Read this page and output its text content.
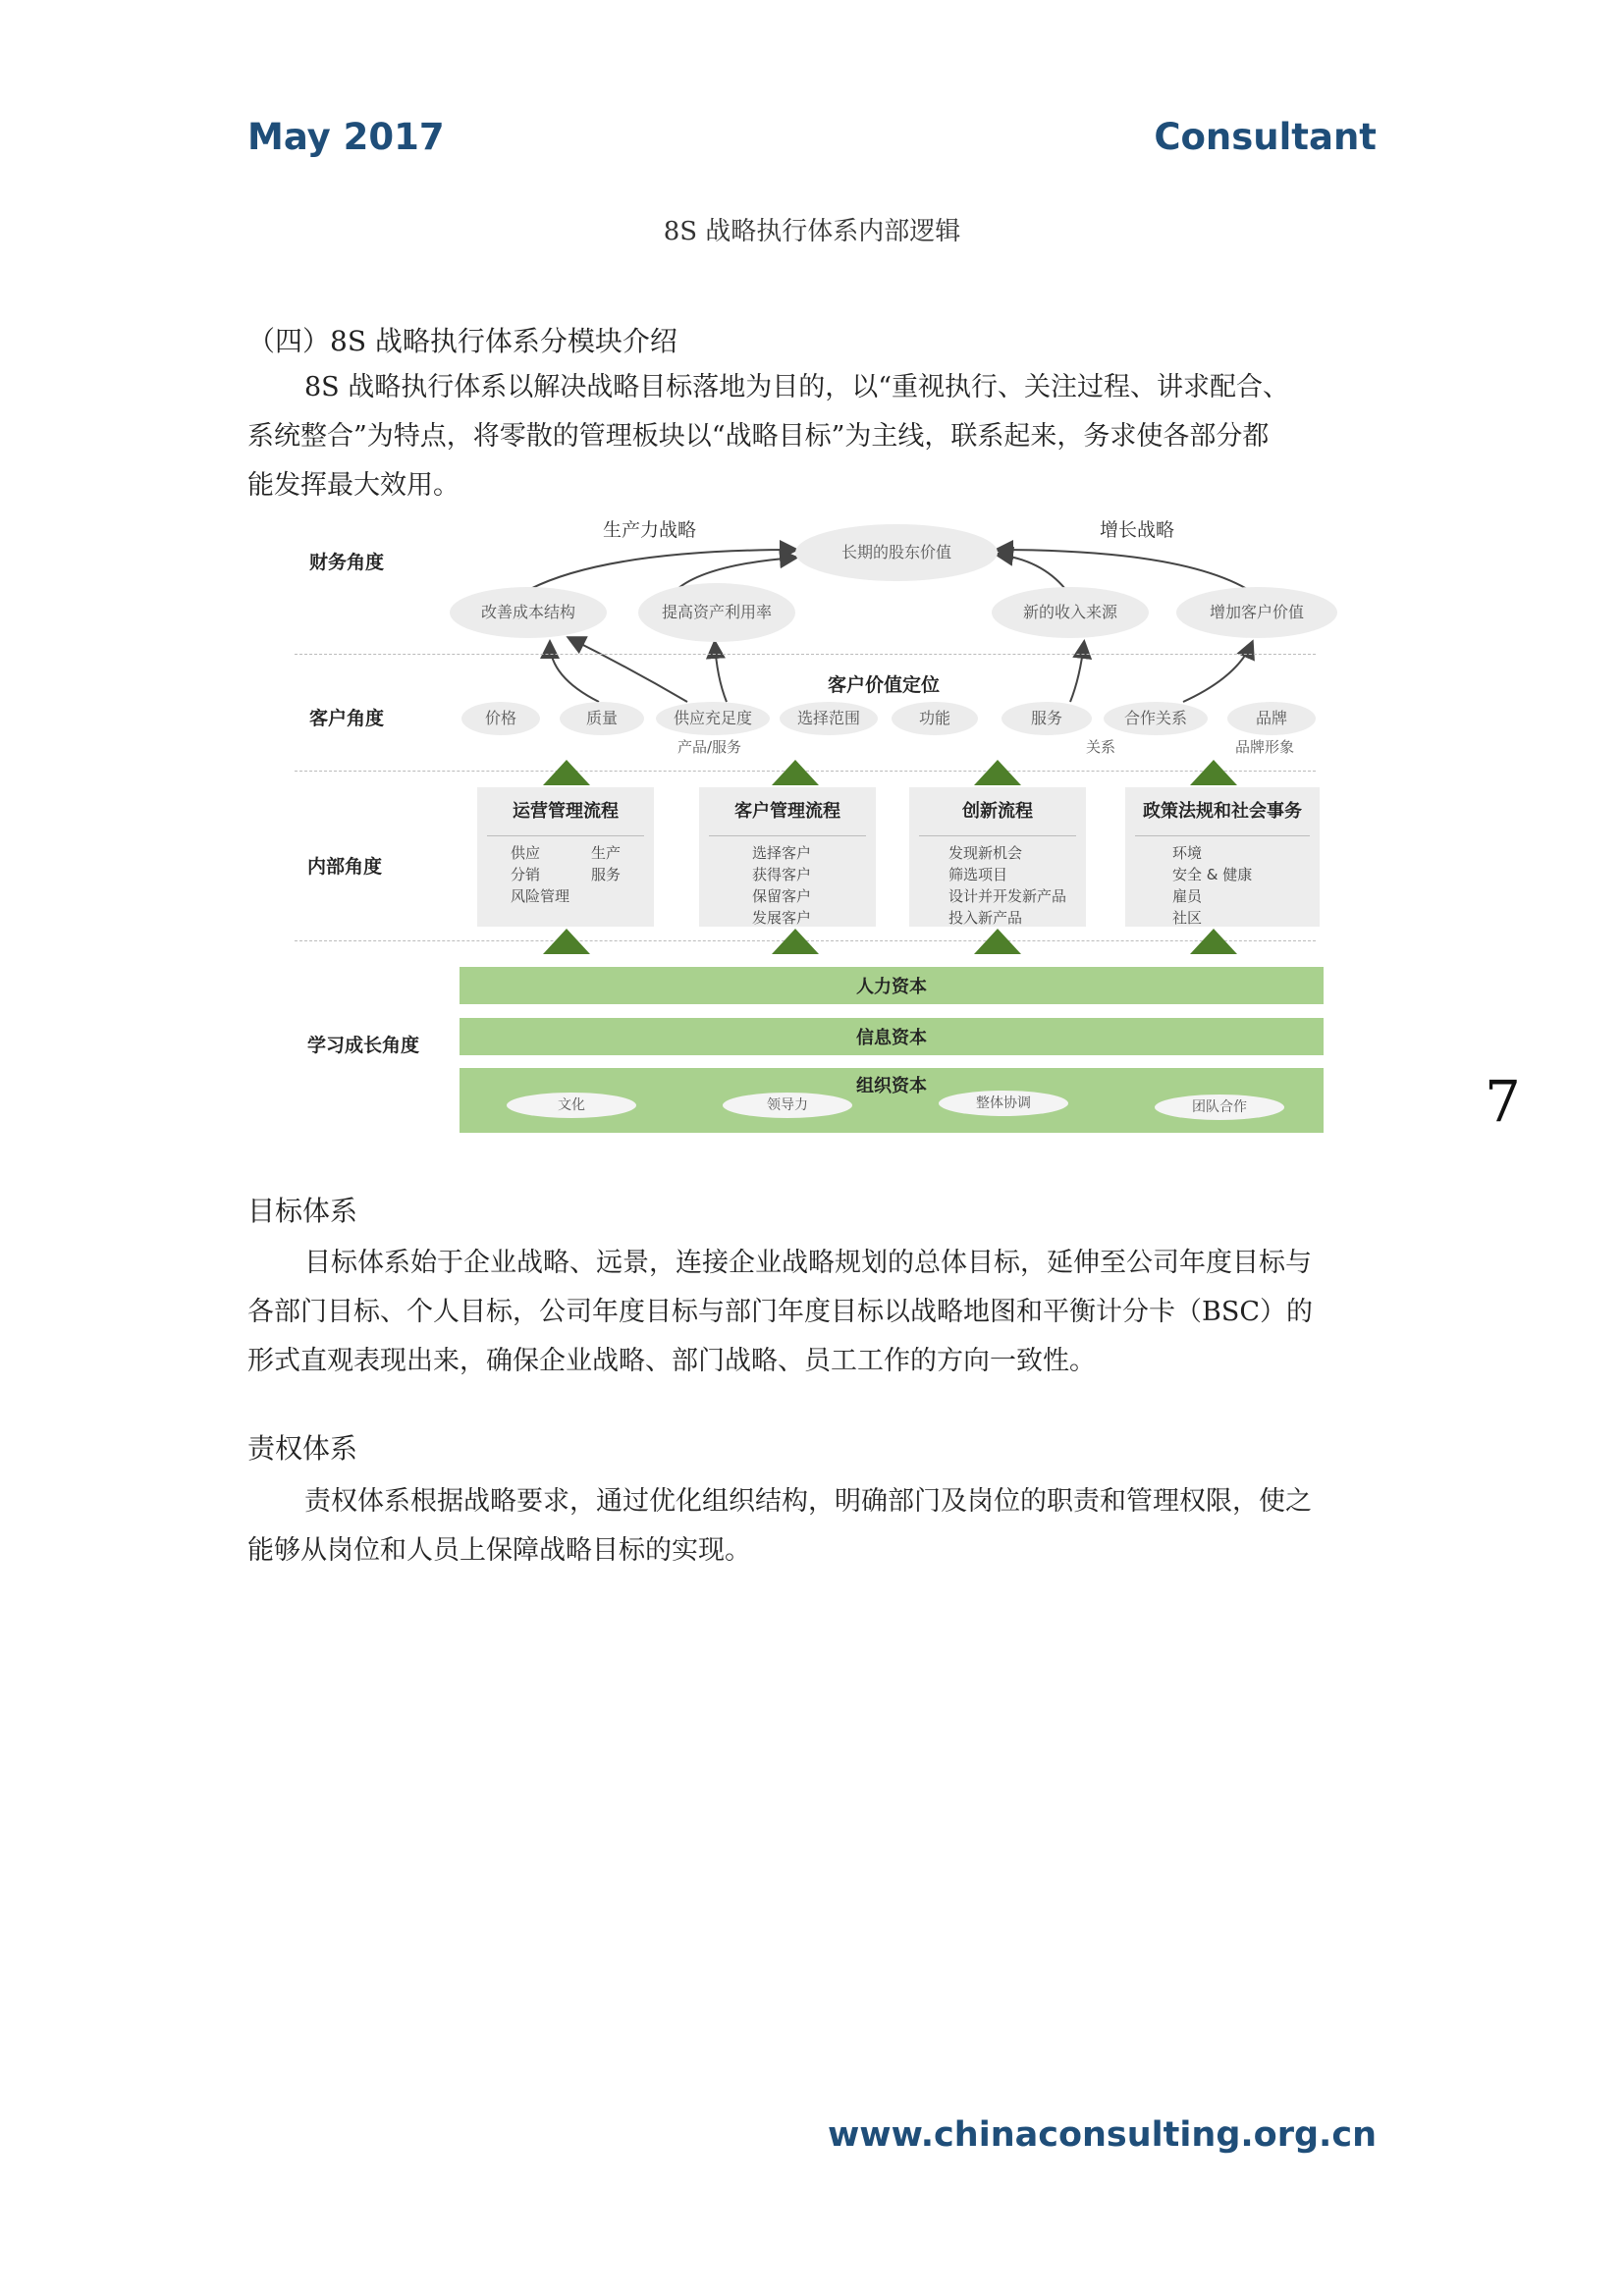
May 2017	Consultant
8S 战略执行体系内部逻辑
（四）8S 战略执行体系分模块介绍
8S 战略执行体系以解决战略目标落地为目的，以“重视执行、关注过程、讲求配合、
系统整合”为特点，将零散的管理板块以“战略目标”为主线，联系起来，务求使各部分都
能发挥最大效用。
生产力战略	增长战略
财务角度
客户角度
内部角度
学习成长角度
长期的股东价值
改善成本结构	提高资产利用率	新的收入来源	增加客户价值
客户价值定位
价格	质量	供应充足度	选择范围	功能	服务	合作关系	品牌
产品/服务	关系	品牌形象
运营管理流程
供应	生产
分销	服务
风险管理
客户管理流程
选择客户
获得客户
保留客户
发展客户
创新流程
发现新机会
筛选项目
设计并开发新产品
投入新产品
政策法规和社会事务
环境
安全 & 健康
雇员
社区
人力资本
信息资本
组织资本
文化	领导力	整体协调	团队合作	7
目标体系
目标体系始于企业战略、远景，连接企业战略规划的总体目标，延伸至公司年度目标与
各部门目标、个人目标，公司年度目标与部门年度目标以战略地图和平衡计分卡（BSC）的
形式直观表现出来，确保企业战略、部门战略、员工工作的方向一致性。
责权体系
责权体系根据战略要求，通过优化组织结构，明确部门及岗位的职责和管理权限，使之
能够从岗位和人员上保障战略目标的实现。
www.chinaconsulting.org.cn
